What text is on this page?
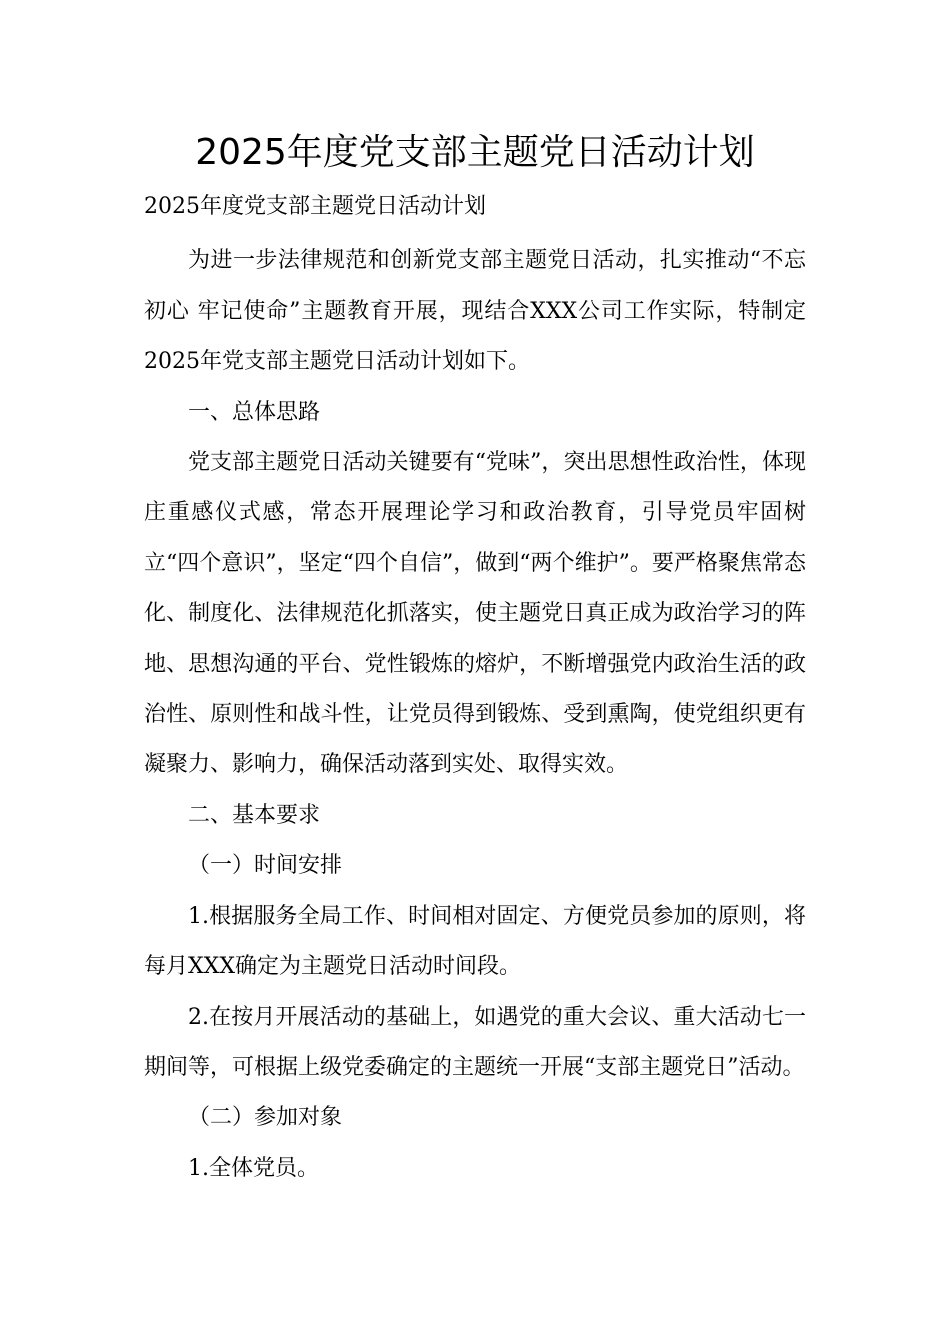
2025年度党支部主题党日活动计划

2025年度党支部主题党日活动计划

为进一步法律规范和创新党支部主题党日活动，扎实推动“不忘初心 牢记使命”主题教育开展，现结合XXX公司工作实际，特制定2025年党支部主题党日活动计划如下。

一、总体思路

党支部主题党日活动关键要有“党味”，突出思想性政治性，体现庄重感仪式感，常态开展理论学习和政治教育，引导党员牢固树立“四个意识”，坚定“四个自信”，做到“两个维护”。要严格聚焦常态化、制度化、法律规范化抓落实，使主题党日真正成为政治学习的阵地、思想沟通的平台、党性锻炼的熔炉，不断增强党内政治生活的政治性、原则性和战斗性，让党员得到锻炼、受到熏陶，使党组织更有凝聚力、影响力，确保活动落到实处、取得实效。

二、基本要求

（一）时间安排

1.根据服务全局工作、时间相对固定、方便党员参加的原则，将每月XXX确定为主题党日活动时间段。

2.在按月开展活动的基础上，如遇党的重大会议、重大活动七一期间等，可根据上级党委确定的主题统一开展“支部主题党日”活动。

（二）参加对象

1.全体党员。
